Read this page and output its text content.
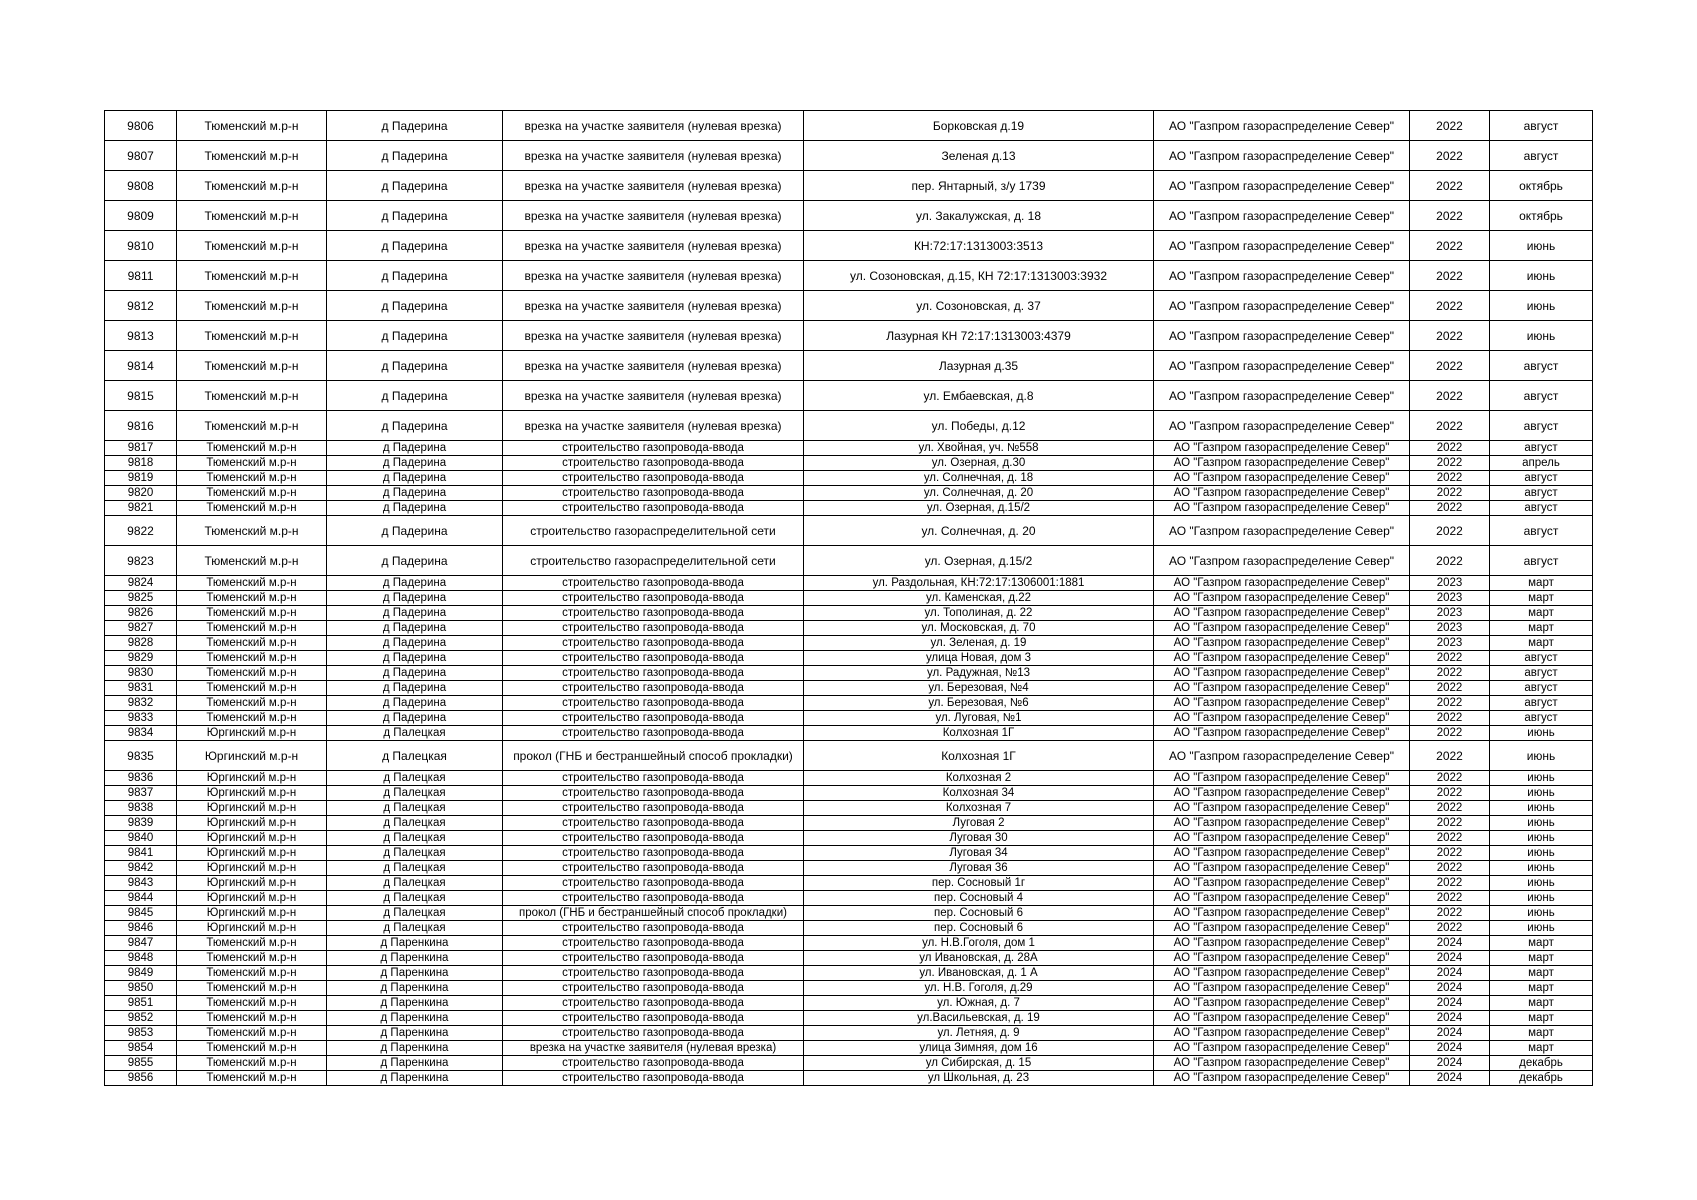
9806	Тюменский м.р-н	д Падерина	врезка на участке заявителя (нулевая врезка)	Борковская д.19	АО "Газпром газораспределение Север"	2022	август
9807	Тюменский м.р-н	д Падерина	врезка на участке заявителя (нулевая врезка)	Зеленая д.13	АО "Газпром газораспределение Север"	2022	август
9808	Тюменский м.р-н	д Падерина	врезка на участке заявителя (нулевая врезка)	пер. Янтарный, з/у 1739	АО "Газпром газораспределение Север"	2022	октябрь
9809	Тюменский м.р-н	д Падерина	врезка на участке заявителя (нулевая врезка)	ул. Закалужская, д. 18	АО "Газпром газораспределение Север"	2022	октябрь
9810	Тюменский м.р-н	д Падерина	врезка на участке заявителя (нулевая врезка)	КН:72:17:1313003:3513	АО "Газпром газораспределение Север"	2022	июнь
9811	Тюменский м.р-н	д Падерина	врезка на участке заявителя (нулевая врезка)	ул. Созоновская, д.15, КН 72:17:1313003:3932	АО "Газпром газораспределение Север"	2022	июнь
9812	Тюменский м.р-н	д Падерина	врезка на участке заявителя (нулевая врезка)	ул. Созоновская, д. 37	АО "Газпром газораспределение Север"	2022	июнь
9813	Тюменский м.р-н	д Падерина	врезка на участке заявителя (нулевая врезка)	Лазурная КН 72:17:1313003:4379	АО "Газпром газораспределение Север"	2022	июнь
9814	Тюменский м.р-н	д Падерина	врезка на участке заявителя (нулевая врезка)	Лазурная д.35	АО "Газпром газораспределение Север"	2022	август
9815	Тюменский м.р-н	д Падерина	врезка на участке заявителя (нулевая врезка)	ул. Ембаевская, д.8	АО "Газпром газораспределение Север"	2022	август
9816	Тюменский м.р-н	д Падерина	врезка на участке заявителя (нулевая врезка)	ул. Победы, д.12	АО "Газпром газораспределение Север"	2022	август
9817	Тюменский м.р-н	д Падерина	строительство газопровода-ввода	ул. Хвойная, уч. №558	АО "Газпром газораспределение Север"	2022	август
9818	Тюменский м.р-н	д Падерина	строительство газопровода-ввода	ул. Озерная, д.30	АО "Газпром газораспределение Север"	2022	апрель
9819	Тюменский м.р-н	д Падерина	строительство газопровода-ввода	ул. Солнечная, д. 18	АО "Газпром газораспределение Север"	2022	август
9820	Тюменский м.р-н	д Падерина	строительство газопровода-ввода	ул. Солнечная, д. 20	АО "Газпром газораспределение Север"	2022	август
9821	Тюменский м.р-н	д Падерина	строительство газопровода-ввода	ул. Озерная, д.15/2	АО "Газпром газораспределение Север"	2022	август
9822	Тюменский м.р-н	д Падерина	строительство газораспределительной сети	ул. Солнечная, д. 20	АО "Газпром газораспределение Север"	2022	август
9823	Тюменский м.р-н	д Падерина	строительство газораспределительной сети	ул. Озерная, д.15/2	АО "Газпром газораспределение Север"	2022	август
9824	Тюменский м.р-н	д Падерина	строительство газопровода-ввода	ул. Раздольная, КН:72:17:1306001:1881	АО "Газпром газораспределение Север"	2023	март
9825	Тюменский м.р-н	д Падерина	строительство газопровода-ввода	ул. Каменская, д.22	АО "Газпром газораспределение Север"	2023	март
9826	Тюменский м.р-н	д Падерина	строительство газопровода-ввода	ул. Тополиная, д. 22	АО "Газпром газораспределение Север"	2023	март
9827	Тюменский м.р-н	д Падерина	строительство газопровода-ввода	ул. Московская, д. 70	АО "Газпром газораспределение Север"	2023	март
9828	Тюменский м.р-н	д Падерина	строительство газопровода-ввода	ул. Зеленая, д. 19	АО "Газпром газораспределение Север"	2023	март
9829	Тюменский м.р-н	д Падерина	строительство газопровода-ввода	улица Новая, дом 3	АО "Газпром газораспределение Север"	2022	август
9830	Тюменский м.р-н	д Падерина	строительство газопровода-ввода	ул. Радужная, №13	АО "Газпром газораспределение Север"	2022	август
9831	Тюменский м.р-н	д Падерина	строительство газопровода-ввода	ул. Березовая, №4	АО "Газпром газораспределение Север"	2022	август
9832	Тюменский м.р-н	д Падерина	строительство газопровода-ввода	ул. Березовая, №6	АО "Газпром газораспределение Север"	2022	август
9833	Тюменский м.р-н	д Падерина	строительство газопровода-ввода	ул. Луговая, №1	АО "Газпром газораспределение Север"	2022	август
9834	Юргинский м.р-н	д Палецкая	строительство газопровода-ввода	Колхозная 1Г	АО "Газпром газораспределение Север"	2022	июнь
9835	Юргинский м.р-н	д Палецкая	прокол (ГНБ и бестраншейный способ прокладки)	Колхозная 1Г	АО "Газпром газораспределение Север"	2022	июнь
9836	Юргинский м.р-н	д Палецкая	строительство газопровода-ввода	Колхозная 2	АО "Газпром газораспределение Север"	2022	июнь
9837	Юргинский м.р-н	д Палецкая	строительство газопровода-ввода	Колхозная 34	АО "Газпром газораспределение Север"	2022	июнь
9838	Юргинский м.р-н	д Палецкая	строительство газопровода-ввода	Колхозная 7	АО "Газпром газораспределение Север"	2022	июнь
9839	Юргинский м.р-н	д Палецкая	строительство газопровода-ввода	Луговая 2	АО "Газпром газораспределение Север"	2022	июнь
9840	Юргинский м.р-н	д Палецкая	строительство газопровода-ввода	Луговая 30	АО "Газпром газораспределение Север"	2022	июнь
9841	Юргинский м.р-н	д Палецкая	строительство газопровода-ввода	Луговая 34	АО "Газпром газораспределение Север"	2022	июнь
9842	Юргинский м.р-н	д Палецкая	строительство газопровода-ввода	Луговая 36	АО "Газпром газораспределение Север"	2022	июнь
9843	Юргинский м.р-н	д Палецкая	строительство газопровода-ввода	пер. Сосновый 1г	АО "Газпром газораспределение Север"	2022	июнь
9844	Юргинский м.р-н	д Палецкая	строительство газопровода-ввода	пер. Сосновый 4	АО "Газпром газораспределение Север"	2022	июнь
9845	Юргинский м.р-н	д Палецкая	прокол (ГНБ и бестраншейный способ прокладки)	пер. Сосновый 6	АО "Газпром газораспределение Север"	2022	июнь
9846	Юргинский м.р-н	д Палецкая	строительство газопровода-ввода	пер. Сосновый 6	АО "Газпром газораспределение Север"	2022	июнь
9847	Тюменский м.р-н	д Паренкина	строительство газопровода-ввода	ул. Н.В.Гоголя, дом 1	АО "Газпром газораспределение Север"	2024	март
9848	Тюменский м.р-н	д Паренкина	строительство газопровода-ввода	ул Ивановская, д. 28А	АО "Газпром газораспределение Север"	2024	март
9849	Тюменский м.р-н	д Паренкина	строительство газопровода-ввода	ул. Ивановская, д. 1 А	АО "Газпром газораспределение Север"	2024	март
9850	Тюменский м.р-н	д Паренкина	строительство газопровода-ввода	ул. Н.В. Гоголя, д.29	АО "Газпром газораспределение Север"	2024	март
9851	Тюменский м.р-н	д Паренкина	строительство газопровода-ввода	ул. Южная, д. 7	АО "Газпром газораспределение Север"	2024	март
9852	Тюменский м.р-н	д Паренкина	строительство газопровода-ввода	ул.Васильевская, д. 19	АО "Газпром газораспределение Север"	2024	март
9853	Тюменский м.р-н	д Паренкина	строительство газопровода-ввода	ул. Летняя, д. 9	АО "Газпром газораспределение Север"	2024	март
9854	Тюменский м.р-н	д Паренкина	врезка на участке заявителя (нулевая врезка)	улица Зимняя, дом 16	АО "Газпром газораспределение Север"	2024	март
9855	Тюменский м.р-н	д Паренкина	строительство газопровода-ввода	ул Сибирская, д. 15	АО "Газпром газораспределение Север"	2024	декабрь
9856	Тюменский м.р-н	д Паренкина	строительство газопровода-ввода	ул Школьная, д. 23	АО "Газпром газораспределение Север"	2024	декабрь
